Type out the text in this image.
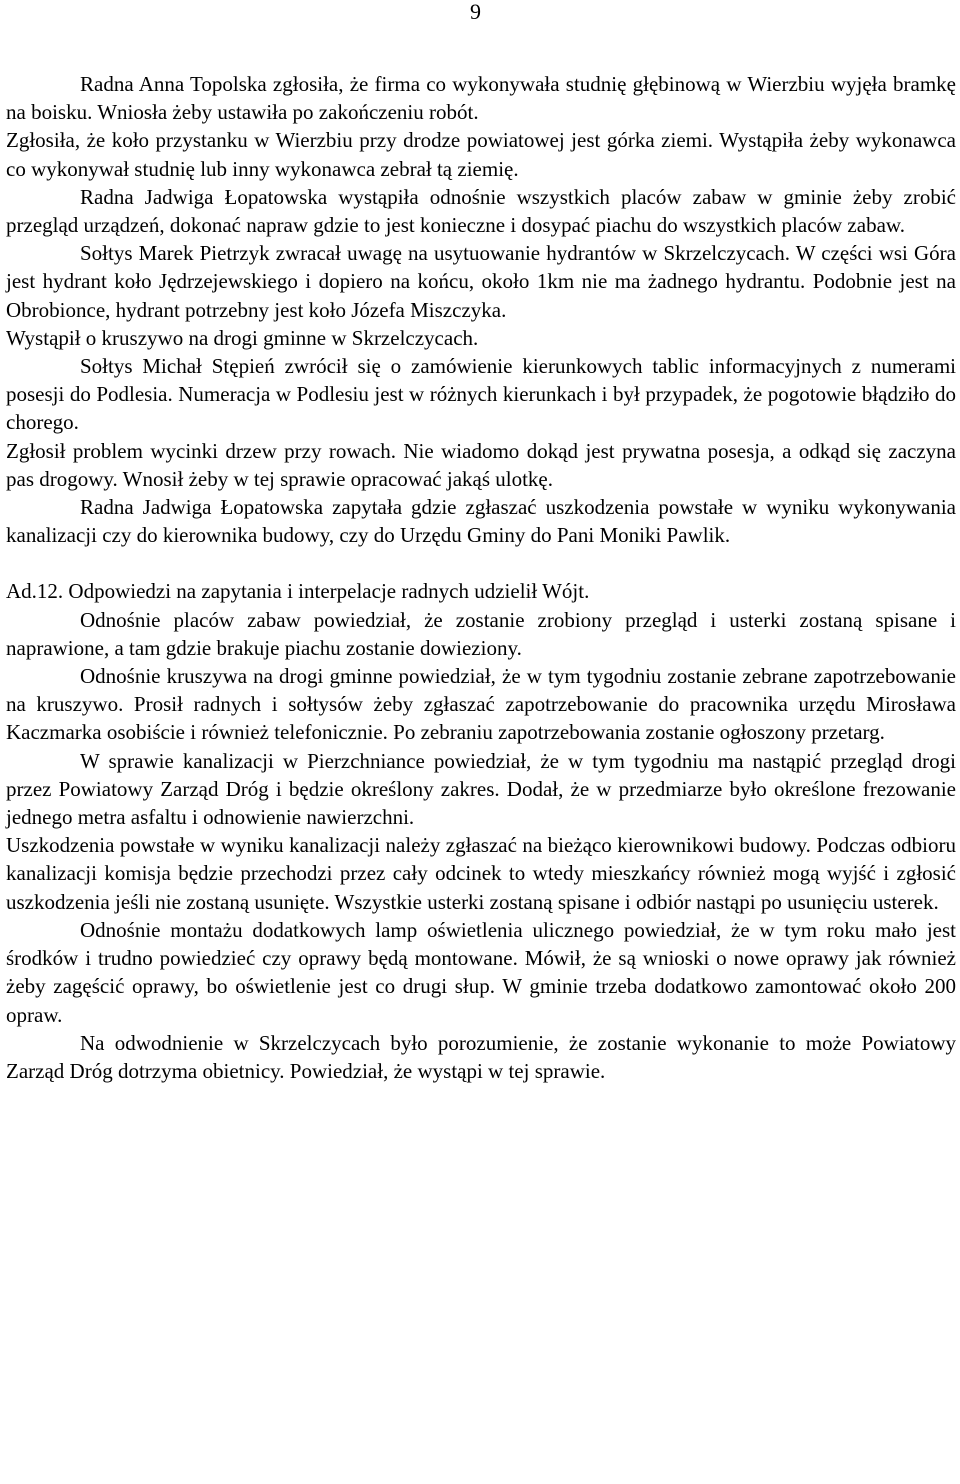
9

Radna Anna Topolska zgłosiła, że firma co wykonywała studnię głębinową w Wierzbiu wyjęła bramkę na boisku. Wniosła żeby ustawiła po zakończeniu robót.

Zgłosiła, że koło przystanku w Wierzbiu przy drodze powiatowej jest górka ziemi. Wystąpiła żeby wykonawca co wykonywał studnię lub inny wykonawca zebrał tą ziemię.

Radna Jadwiga Łopatowska wystąpiła odnośnie wszystkich placów zabaw w gminie żeby zrobić przegląd urządzeń, dokonać napraw gdzie to jest konieczne i dosypać piachu do wszystkich placów zabaw.

Sołtys Marek Pietrzyk zwracał uwagę na usytuowanie hydrantów w Skrzelczycach. W części wsi Góra jest hydrant koło Jędrzejewskiego i dopiero na końcu, około 1km nie ma żadnego hydrantu. Podobnie jest na Obrobionce, hydrant potrzebny jest koło Józefa Miszczyka.

Wystąpił o kruszywo na drogi gminne w Skrzelczycach.

Sołtys Michał Stępień zwrócił się o zamówienie kierunkowych tablic informacyjnych z numerami posesji do Podlesia. Numeracja w Podlesiu jest w różnych kierunkach i był przypadek, że pogotowie błądziło do chorego.

Zgłosił problem wycinki drzew przy rowach. Nie wiadomo dokąd jest prywatna posesja, a odkąd się zaczyna pas drogowy. Wnosił żeby w tej sprawie opracować jakąś ulotkę.

Radna Jadwiga Łopatowska zapytała gdzie zgłaszać uszkodzenia powstałe w wyniku wykonywania kanalizacji czy do kierownika budowy, czy do Urzędu Gminy do Pani Moniki Pawlik.

Ad.12. Odpowiedzi na zapytania i interpelacje radnych udzielił Wójt.

Odnośnie placów zabaw powiedział, że zostanie zrobiony przegląd i usterki zostaną spisane i naprawione, a tam gdzie brakuje piachu zostanie dowieziony.

Odnośnie kruszywa na drogi gminne powiedział, że w tym tygodniu zostanie zebrane zapotrzebowanie na kruszywo. Prosił radnych i sołtysów żeby zgłaszać zapotrzebowanie do pracownika urzędu Mirosława Kaczmarka osobiście i również telefonicznie. Po zebraniu zapotrzebowania zostanie ogłoszony przetarg.

W sprawie kanalizacji w Pierzchniance powiedział, że w tym tygodniu ma nastąpić przegląd drogi przez Powiatowy Zarząd Dróg i będzie określony zakres. Dodał, że w przedmiarze było określone frezowanie jednego metra asfaltu i odnowienie nawierzchni.

Uszkodzenia powstałe w wyniku kanalizacji należy zgłaszać na bieżąco kierownikowi budowy. Podczas odbioru kanalizacji komisja będzie przechodzi przez cały odcinek to wtedy mieszkańcy również mogą wyjść i zgłosić uszkodzenia jeśli nie zostaną usunięte. Wszystkie usterki zostaną spisane i odbiór nastąpi po usunięciu usterek.

Odnośnie montażu dodatkowych lamp oświetlenia ulicznego powiedział, że w tym roku mało jest środków i trudno powiedzieć czy oprawy będą montowane. Mówił, że są wnioski o nowe oprawy jak również żeby zagęścić oprawy, bo oświetlenie jest co drugi słup. W gminie trzeba dodatkowo zamontować około 200 opraw.

Na odwodnienie w Skrzelczycach było porozumienie, że zostanie wykonanie to może Powiatowy Zarząd Dróg dotrzyma obietnicy. Powiedział, że wystąpi w tej sprawie.
